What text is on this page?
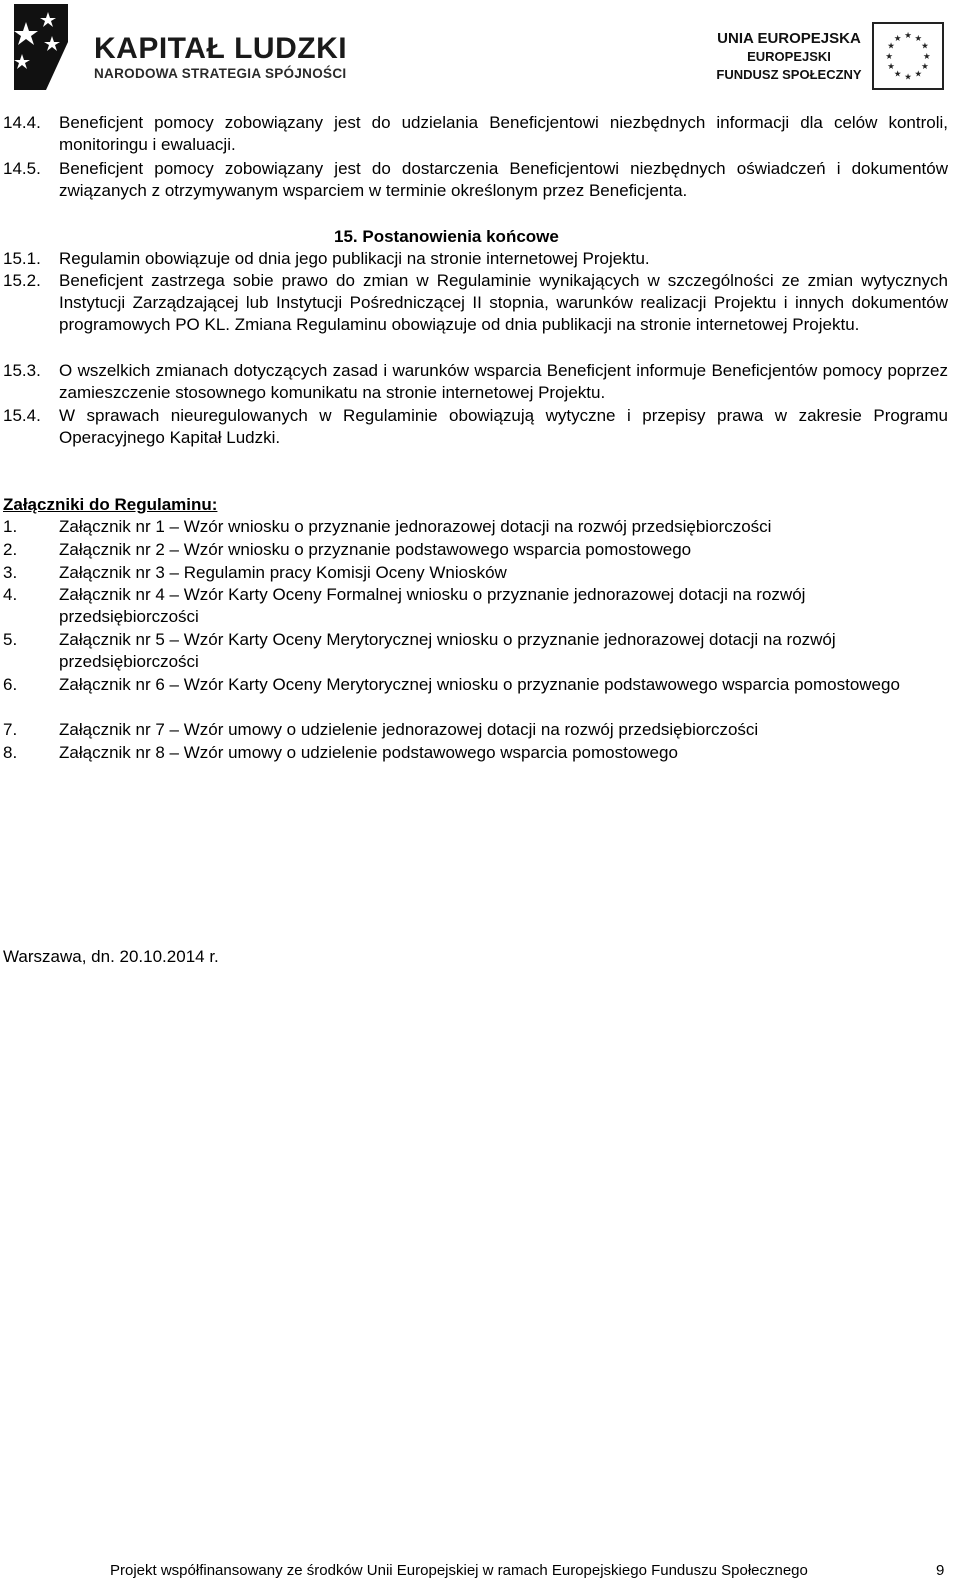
KAPITAŁ LUDZKI
NARODOWA STRATEGIA SPÓJNOŚCI
UNIA EUROPEJSKA
EUROPEJSKI
FUNDUSZ SPOŁECZNY
★ ★
★
★
★
★
★
★
★
★
★
★
14.4. Beneficjent pomocy zobowiązany jest do udzielania Beneficjentowi niezbędnych informacji dla celów kontroli, monitoringu i ewaluacji.
14.5. Beneficjent pomocy zobowiązany jest do dostarczenia Beneficjentowi niezbędnych oświadczeń i dokumentów związanych z otrzymywanym wsparciem w terminie określonym przez Beneficjenta.
15. Postanowienia końcowe
15.1. Regulamin obowiązuje od dnia jego publikacji na stronie internetowej Projektu.
15.2. Beneficjent zastrzega sobie prawo do zmian w Regulaminie wynikających w szczególności ze zmian wytycznych Instytucji Zarządzającej lub Instytucji Pośredniczącej II stopnia, warunków realizacji Projektu i innych dokumentów programowych PO KL. Zmiana Regulaminu obowiązuje od dnia publikacji na stronie internetowej Projektu.
15.3. O wszelkich zmianach dotyczących zasad i warunków wsparcia Beneficjent informuje Beneficjentów pomocy poprzez zamieszczenie stosownego komunikatu na stronie internetowej Projektu.
15.4. W sprawach nieuregulowanych w Regulaminie obowiązują wytyczne i przepisy prawa w zakresie Programu Operacyjnego Kapitał Ludzki.
Załączniki do Regulaminu:
1. Załącznik nr 1 – Wzór wniosku o przyznanie jednorazowej dotacji na rozwój przedsiębiorczości
2. Załącznik nr 2 – Wzór wniosku o przyznanie podstawowego wsparcia pomostowego
3. Załącznik nr 3 – Regulamin pracy Komisji Oceny Wniosków
4. Załącznik nr 4 – Wzór Karty Oceny Formalnej wniosku o przyznanie jednorazowej dotacji na rozwój przedsiębiorczości
5. Załącznik nr 5 – Wzór Karty Oceny Merytorycznej wniosku o przyznanie jednorazowej dotacji na rozwój przedsiębiorczości
6. Załącznik nr 6 – Wzór Karty Oceny Merytorycznej wniosku o przyznanie podstawowego wsparcia pomostowego
7. Załącznik nr 7 – Wzór umowy o udzielenie jednorazowej dotacji na rozwój przedsiębiorczości
8. Załącznik nr 8 – Wzór umowy o udzielenie podstawowego wsparcia pomostowego
Warszawa, dn. 20.10.2014 r.
Projekt współfinansowany ze środków Unii Europejskiej w ramach Europejskiego Funduszu Społecznego	9
